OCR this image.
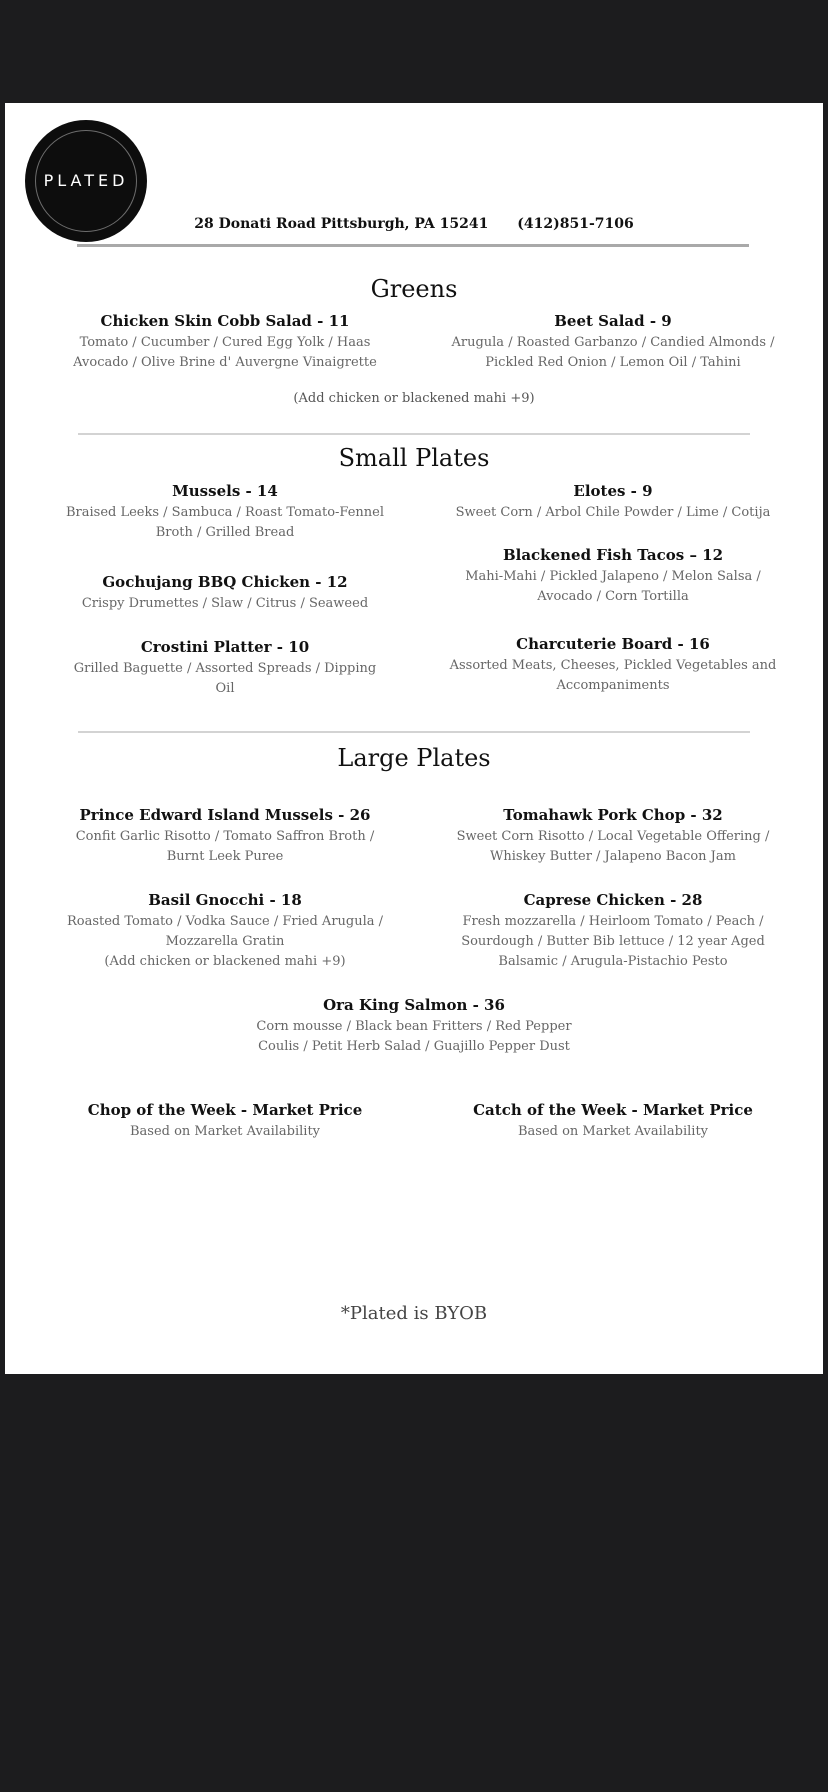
PLATED
28 Donati Road Pittsburgh, PA 15241 (412)851-7106
Greens
Chicken Skin Cobb Salad - 11
Tomato / Cucumber / Cured Egg Yolk / Haas Avocado / Olive Brine d' Auvergne Vinaigrette
Beet Salad - 9
Arugula / Roasted Garbanzo / Candied Almonds / Pickled Red Onion / Lemon Oil / Tahini
(Add chicken or blackened mahi +9)
Small Plates
Mussels - 14
Braised Leeks / Sambuca / Roast Tomato-Fennel Broth / Grilled Bread
Elotes - 9
Sweet Corn / Arbol Chile Powder / Lime / Cotija
Blackened Fish Tacos – 12
Mahi-Mahi / Pickled Jalapeno / Melon Salsa / Avocado / Corn Tortilla
Gochujang BBQ Chicken - 12
Crispy Drumettes / Slaw / Citrus / Seaweed
Crostini Platter - 10
Grilled Baguette / Assorted Spreads / Dipping Oil
Charcuterie Board - 16
Assorted Meats, Cheeses, Pickled Vegetables and Accompaniments
Large Plates
Prince Edward Island Mussels - 26
Confit Garlic Risotto / Tomato Saffron Broth / Burnt Leek Puree
Tomahawk Pork Chop - 32
Sweet Corn Risotto / Local Vegetable Offering / Whiskey Butter / Jalapeno Bacon Jam
Basil Gnocchi - 18
Roasted Tomato / Vodka Sauce / Fried Arugula / Mozzarella Gratin
(Add chicken or blackened mahi +9)
Caprese Chicken - 28
Fresh mozzarella / Heirloom Tomato / Peach / Sourdough / Butter Bib lettuce / 12 year Aged Balsamic / Arugula-Pistachio Pesto
Ora King Salmon - 36
Corn mousse / Black bean Fritters / Red Pepper Coulis / Petit Herb Salad / Guajillo Pepper Dust
Chop of the Week - Market Price
Based on Market Availability
Catch of the Week - Market Price
Based on Market Availability
*Plated is BYOB
